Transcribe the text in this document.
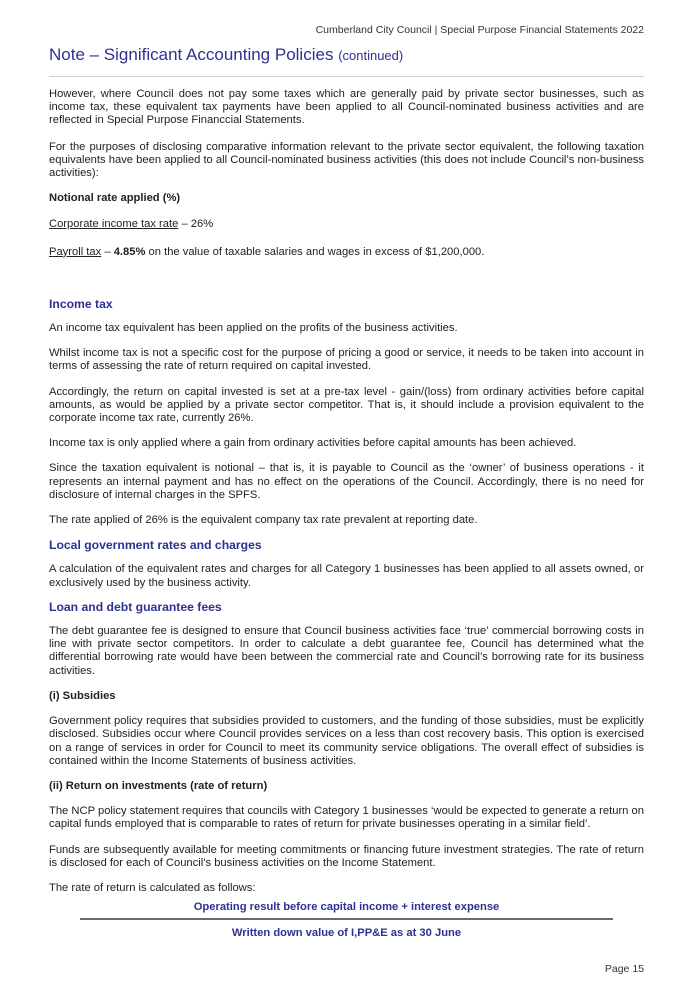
Cumberland City Council | Special Purpose Financial Statements 2022
Note – Significant Accounting Policies (continued)

However, where Council does not pay some taxes which are generally paid by private sector businesses, such as income tax, these equivalent tax payments have been applied to all Council-nominated business activities and are reflected in Special Purpose Financcial Statements.

For the purposes of disclosing comparative information relevant to the private sector equivalent, the following taxation equivalents have been applied to all Council-nominated business activities (this does not include Council’s non-business activities):

Notional rate applied (%)

Corporate income tax rate – 26%

Payroll tax – 4.85% on the value of taxable salaries and wages in excess of $1,200,000.

Income tax

An income tax equivalent has been applied on the profits of the business activities.

Whilst income tax is not a specific cost for the purpose of pricing a good or service, it needs to be taken into account in terms of assessing the rate of return required on capital invested.

Accordingly, the return on capital invested is set at a pre-tax level - gain/(loss) from ordinary activities before capital amounts, as would be applied by a private sector competitor. That is, it should include a provision equivalent to the corporate income tax rate, currently 26%.

Income tax is only applied where a gain from ordinary activities before capital amounts has been achieved.

Since the taxation equivalent is notional – that is, it is payable to Council as the ‘owner’ of business operations - it represents an internal payment and has no effect on the operations of the Council. Accordingly, there is no need for disclosure of internal charges in the SPFS.

The rate applied of 26% is the equivalent company tax rate prevalent at reporting date.

Local government rates and charges

A calculation of the equivalent rates and charges for all Category 1 businesses has been applied to all assets owned, or exclusively used by the business activity.

Loan and debt guarantee fees

The debt guarantee fee is designed to ensure that Council business activities face ‘true’ commercial borrowing costs in line with private sector competitors. In order to calculate a debt guarantee fee, Council has determined what the differential borrowing rate would have been between the commercial rate and Council’s borrowing rate for its business activities.

(i) Subsidies

Government policy requires that subsidies provided to customers, and the funding of those subsidies, must be explicitly disclosed. Subsidies occur where Council provides services on a less than cost recovery basis. This option is exercised on a range of services in order for Council to meet its community service obligations. The overall effect of subsidies is contained within the Income Statements of business activities.

(ii) Return on investments (rate of return)

The NCP policy statement requires that councils with Category 1 businesses ‘would be expected to generate a return on capital funds employed that is comparable to rates of return for private businesses operating in a similar field’.

Funds are subsequently available for meeting commitments or financing future investment strategies. The rate of return is disclosed for each of Council’s business activities on the Income Statement.

The rate of return is calculated as follows:

Operating result before capital income + interest expense
Written down value of I,PP&E as at 30 June
Page 15
